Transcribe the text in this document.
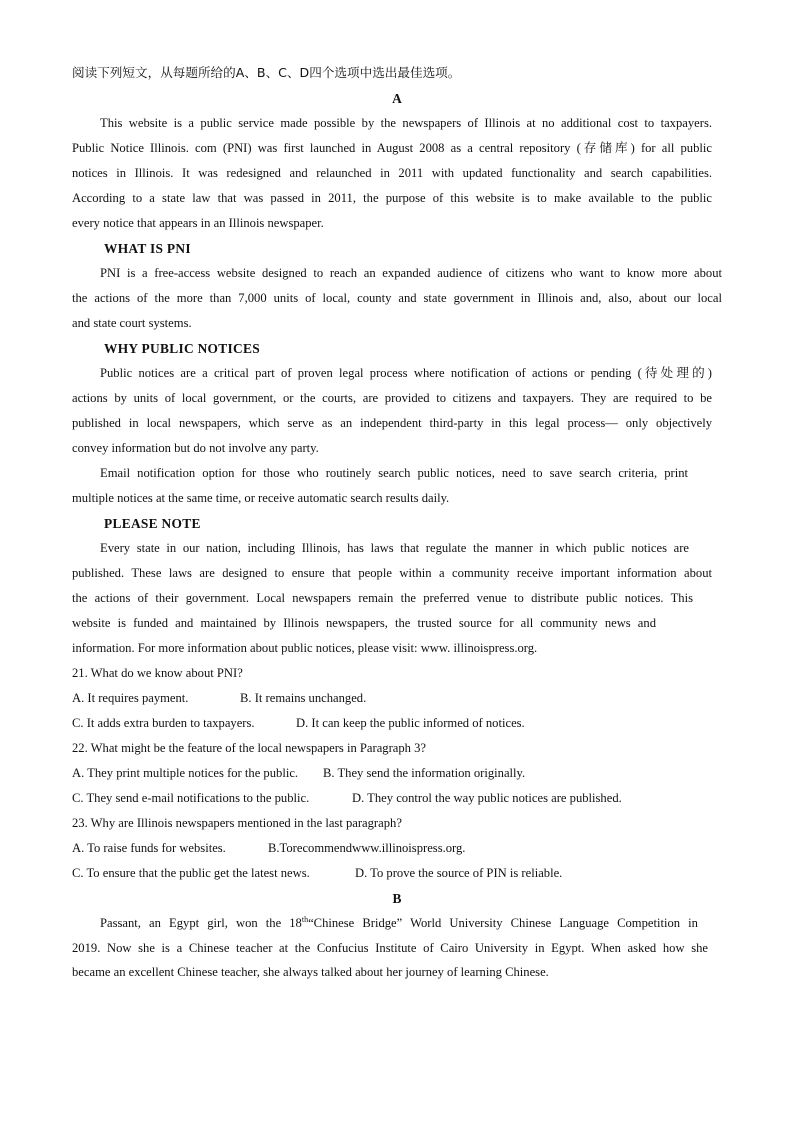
阅读下列短文，从每题所给的A、B、C、D四个选项中选出最佳选项。
A
This website is a public service made possible by the newspapers of Illinois at no additional cost to taxpayers.
Public Notice Illinois. com (PNI) was first launched in August 2008 as a central repository (存储库) for all public
notices in Illinois. It was redesigned and relaunched in 2011 with updated functionality and search capabilities.
According to a state law that was passed in 2011, the purpose of this website is to make available to the public
every notice that appears in an Illinois newspaper.
WHAT IS PNI
PNI is a free-access website designed to reach an expanded audience of citizens who want to know more about
the actions of the more than 7,000 units of local, county and state government in Illinois and, also, about our local
and state court systems.
WHY PUBLIC NOTICES
Public notices are a critical part of proven legal process where notification of actions or pending (待处理的)
actions by units of local government, or the courts, are provided to citizens and taxpayers. They are required to be
published in local newspapers, which serve as an independent third-party in this legal process— only objectively
convey information but do not involve any party.
Email notification option for those who routinely search public notices, need to save search criteria, print
multiple notices at the same time, or receive automatic search results daily.
PLEASE NOTE
Every state in our nation, including Illinois, has laws that regulate the manner in which public notices are
published. These laws are designed to ensure that people within a community receive important information about
the actions of their government. Local newspapers remain the preferred venue to distribute public notices. This
website is funded and maintained by Illinois newspapers, the trusted source for all community news and
information. For more information about public notices, please visit: www. illinoispress.org.
21. What do we know about PNI?
A. It requires payment.	B. It remains unchanged.
C. It adds extra burden to taxpayers.	D. It can keep the public informed of notices.
22. What might be the feature of the local newspapers in Paragraph 3?
A. They print multiple notices for the public. B. They send the information originally.
C. They send e-mail notifications to the public.	D. They control the way public notices are published.
23. Why are Illinois newspapers mentioned in the last paragraph?
A. To raise funds for websites.	B.Torecommendwww.illinoispress.org.
C. To ensure that the public get the latest news.	D. To prove the source of PIN is reliable.
B
Passant, an Egypt girl, won the 18th“Chinese Bridge” World University Chinese Language Competition in
2019. Now she is a Chinese teacher at the Confucius Institute of Cairo University in Egypt. When asked how she
became an excellent Chinese teacher, she always talked about her journey of learning Chinese.
